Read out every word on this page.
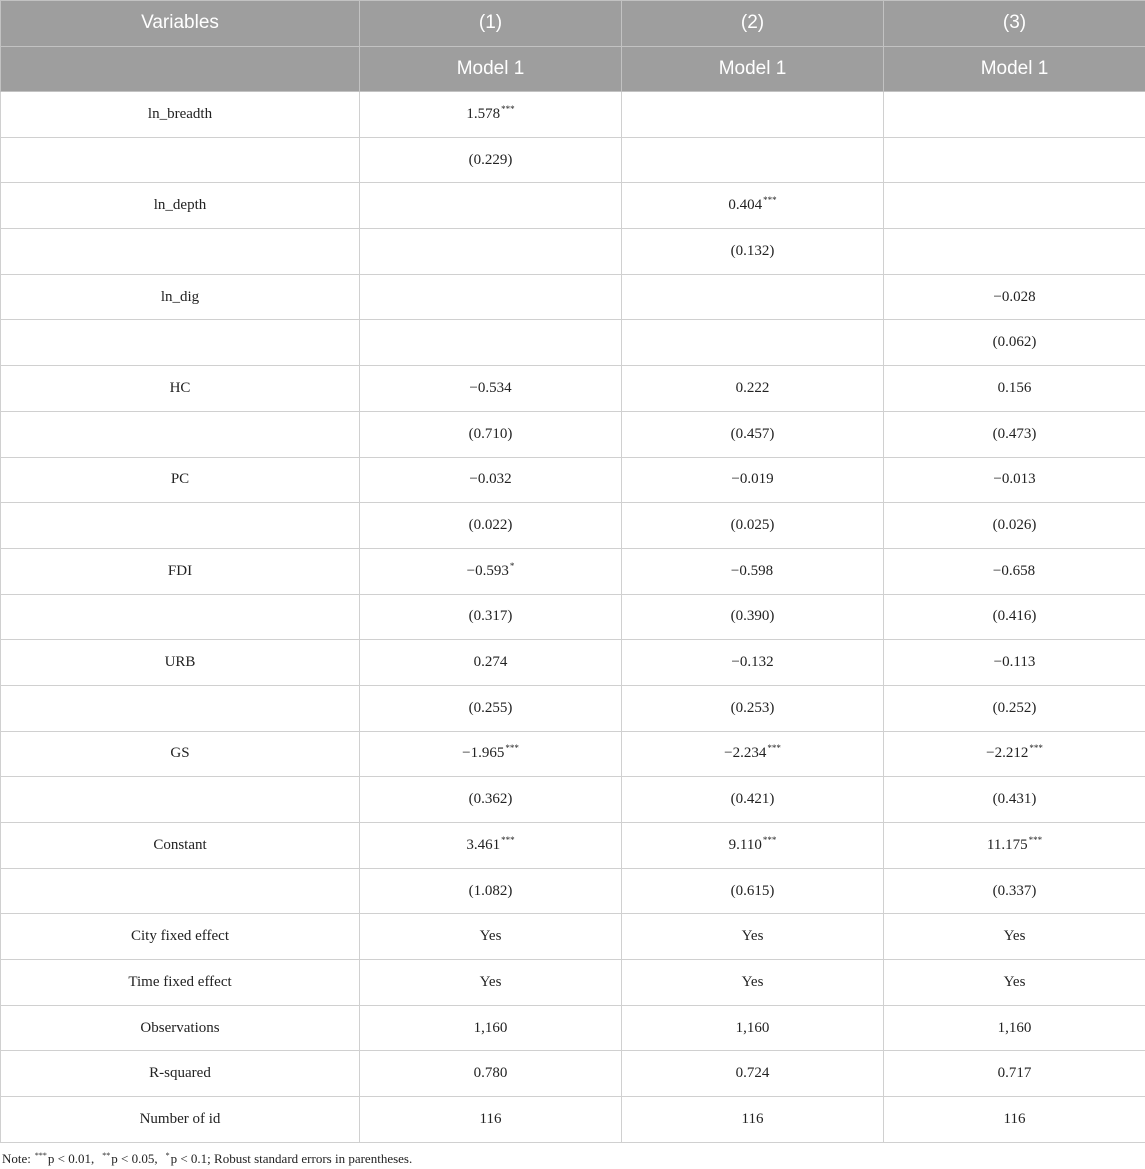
Variables	(1)	(2)	(3)
	Model 1	Model 1	Model 1
ln_breadth	1.578***		
	(0.229)		
ln_depth		0.404***	
		(0.132)	
ln_dig			−0.028
			(0.062)
HC	−0.534	0.222	0.156
	(0.710)	(0.457)	(0.473)
PC	−0.032	−0.019	−0.013
	(0.022)	(0.025)	(0.026)
FDI	−0.593*	−0.598	−0.658
	(0.317)	(0.390)	(0.416)
URB	0.274	−0.132	−0.113
	(0.255)	(0.253)	(0.252)
GS	−1.965***	−2.234***	−2.212***
	(0.362)	(0.421)	(0.431)
Constant	3.461***	9.110***	11.175***
	(1.082)	(0.615)	(0.337)
City fixed effect	Yes	Yes	Yes
Time fixed effect	Yes	Yes	Yes
Observations	1,160	1,160	1,160
R-squared	0.780	0.724	0.717
Number of id	116	116	116
Note: ***p < 0.01, **p < 0.05, *p < 0.1; Robust standard errors in parentheses.
